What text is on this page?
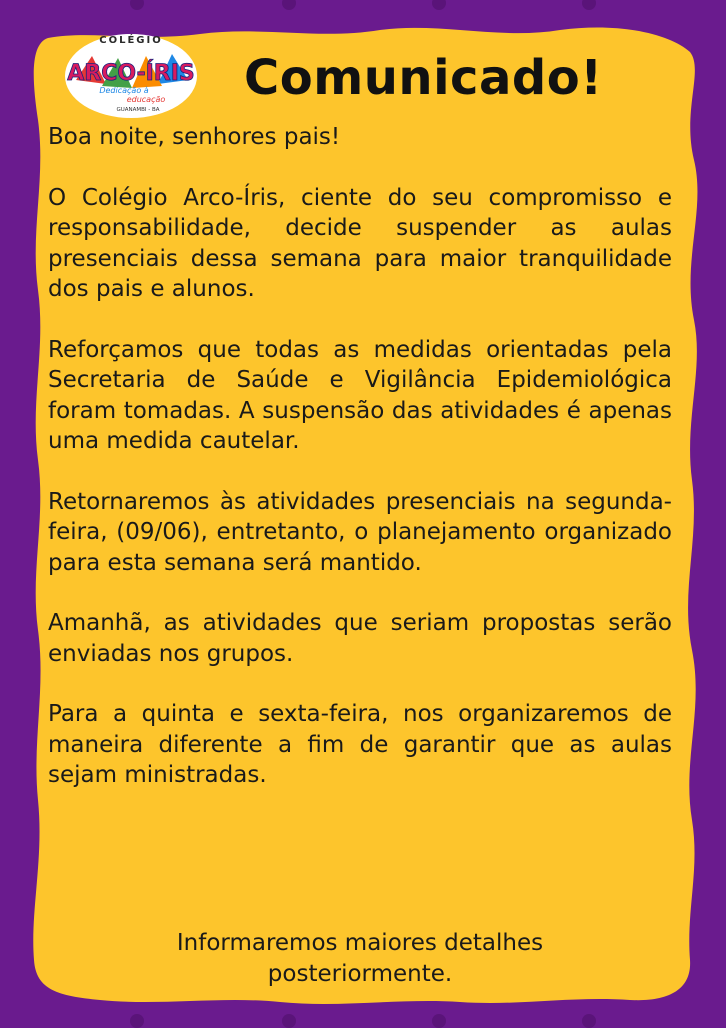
COLÉGIO
ARCO-ÍRIS
Dedicação à
educação
GUANAMBI - BA
Comunicado!

Boa noite, senhores pais!

O Colégio Arco-Íris, ciente do seu compromisso e responsabilidade, decide suspender as aulas presenciais dessa semana para maior tranquilidade dos pais e alunos.

Reforçamos que todas as medidas orientadas pela Secretaria de Saúde e Vigilância Epidemiológica foram tomadas. A suspensão das atividades é apenas uma medida cautelar.

Retornaremos às atividades presenciais na segunda-feira, (09/06), entretanto, o planejamento organizado para esta semana será mantido.

Amanhã, as atividades que seriam propostas serão enviadas nos grupos.

Para a quinta e sexta-feira, nos organizaremos de maneira diferente a fim de garantir que as aulas sejam ministradas.

Informaremos maiores detalhes posteriormente.
